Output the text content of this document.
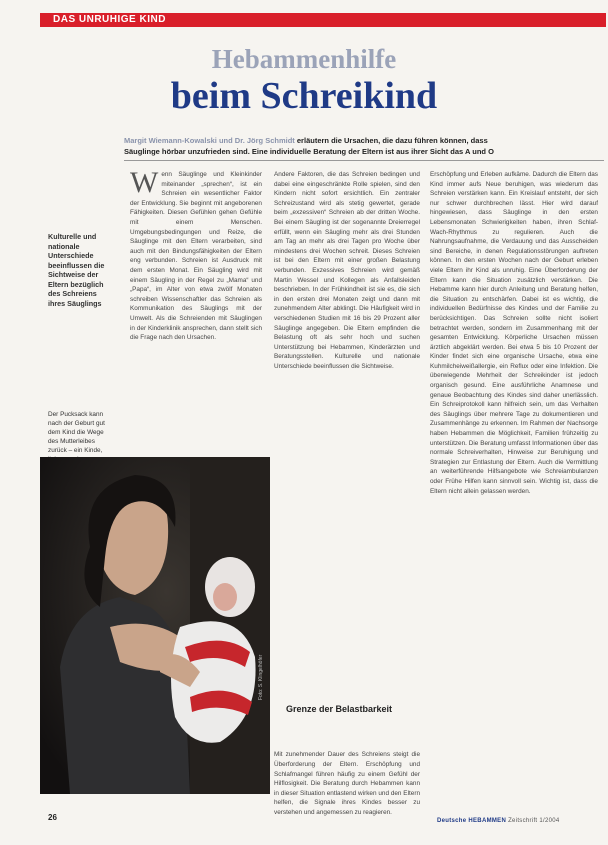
DAS UNRUHIGE KIND
Hebammenhilfe
beim Schreikind
Margit Wiemann-Kowalski und Dr. Jörg Schmidt erläutern die Ursachen, die dazu führen können, dass Säuglinge hörbar unzufrieden sind. Eine individuelle Beratung der Eltern ist aus ihrer Sicht das A und O
Kulturelle und nationale Unterschiede beeinflussen die Sichtweise der Eltern bezüglich des Schreiens ihres Säuglings
Der Pucksack kann nach der Geburt gut dem Kind die Wege des Mutterleibes zurück – ein Kinde,
W enn Säuglinge und Kleinkinder miteinander „sprechen“, ist ein Schreien ein wesentlicher Faktor der Entwicklung. Sie beginnt mit angeborenen Fähigkeiten. Diesen Gefühlen gehen Gefühle mit einem Menschen. Umgebungsbedingungen und Reize, die Säuglinge mit den Eltern verarbeiten, sind auch mit den Bindungsfähigkeiten der Eltern eng verbunden. Schreien ist Ausdruck mit dem ersten Monat. Ein Säugling wird mit einem Säugling in der Regel zu „Mama“ und „Papa“, im Alter von etwa zwölf Monaten schreiben Wissenschaftler das Schreien als Kommunikation des Säuglings mit der Umwelt. Als die Schreienden mit Säuglingen in der Kinderklinik ansprechen, dann stellt sich die Frage nach den Ursachen.

Andere Faktoren, die das Schreien bedingen und dabei eine eingeschränkte Rolle spielen, sind den Kindern nicht sofort ersichtlich. Ein zentraler Schreizustand wird als stetig gewertet, gerade beim „exzessiven“ Schreien ab der dritten Woche. Bei einem Säugling ist der sogenannte Dreierregel erfüllt, wenn ein Säugling mehr als drei Stunden am Tag an mehr als drei Tagen pro Woche über mindestens drei Wochen schreit. Dieses Schreien ist bei den Eltern mit einer großen Belastung verbunden. Exzessives Schreien wird gemäß Martin Wessel und Kollegen als Anfallsleiden beschrieben. In der Frühkindheit ist sie es, die sich in den ersten drei Monaten zeigt und dann mit zunehmendem Alter abklingt. Die Häufigkeit wird in verschiedenen Studien mit 16 bis 29 Prozent aller Säuglinge angegeben. Die Eltern empfinden die Belastung oft als sehr hoch und suchen Unterstützung bei Hebammen, Kinderärzten und Beratungsstellen. Kulturelle und nationale Unterschiede beeinflussen die Sichtweise.

Grenze der Belastbarkeit

Mit zunehmender Dauer des Schreiens steigt die Überforderung der Eltern. Erschöpfung und Schlafmangel führen häufig zu einem Gefühl der Hilflosigkeit. Die Beratung durch Hebammen kann in dieser Situation entlastend wirken und den Eltern helfen, die Signale ihres Kindes besser zu verstehen und angemessen zu reagieren.

Erschöpfung und Erleben aufkäme. Dadurch die Eltern das Kind immer aufs Neue beruhigen, was wiederum das Schreien verstärken kann. Ein Kreislauf entsteht, der sich nur schwer durchbrechen lässt. Hier wird darauf hingewiesen, dass Säuglinge in den ersten Lebensmonaten Schwierigkeiten haben, ihren Schlaf-Wach-Rhythmus zu regulieren. Auch die Nahrungsaufnahme, die Verdauung und das Ausscheiden sind Bereiche, in denen Regulationsstörungen auftreten können. In den ersten Wochen nach der Geburt erleben viele Eltern ihr Kind als unruhig. Eine Überforderung der Eltern kann die Situation zusätzlich verstärken. Die Hebamme kann hier durch Anleitung und Beratung helfen, die Situation zu entschärfen. Dabei ist es wichtig, die individuellen Bedürfnisse des Kindes und der Familie zu berücksichtigen. Das Schreien sollte nicht isoliert betrachtet werden, sondern im Zusammenhang mit der gesamten Entwicklung. Körperliche Ursachen müssen ärztlich abgeklärt werden. Bei etwa 5 bis 10 Prozent der Kinder findet sich eine organische Ursache, etwa eine Kuhmilcheiweißallergie, ein Reflux oder eine Infektion. Die überwiegende Mehrheit der Schreikinder ist jedoch organisch gesund. Eine ausführliche Anamnese und genaue Beobachtung des Kindes sind daher unerlässlich. Ein Schreiprotokoll kann hilfreich sein, um das Verhalten des Säuglings über mehrere Tage zu dokumentieren und Zusammenhänge zu erkennen. Im Rahmen der Nachsorge haben Hebammen die Möglichkeit, Familien frühzeitig zu unterstützen. Die Beratung umfasst Informationen über das normale Schreiverhalten, Hinweise zur Beruhigung und Strategien zur Entlastung der Eltern. Auch die Vermittlung an weiterführende Hilfsangebote wie Schreiambulanzen oder Frühe Hilfen kann sinnvoll sein. Wichtig ist, dass die Eltern nicht allein gelassen werden.

Foto: S. Klingelhöfer
26	Deutsche HEBAMMEN Zeitschrift 1/2004
